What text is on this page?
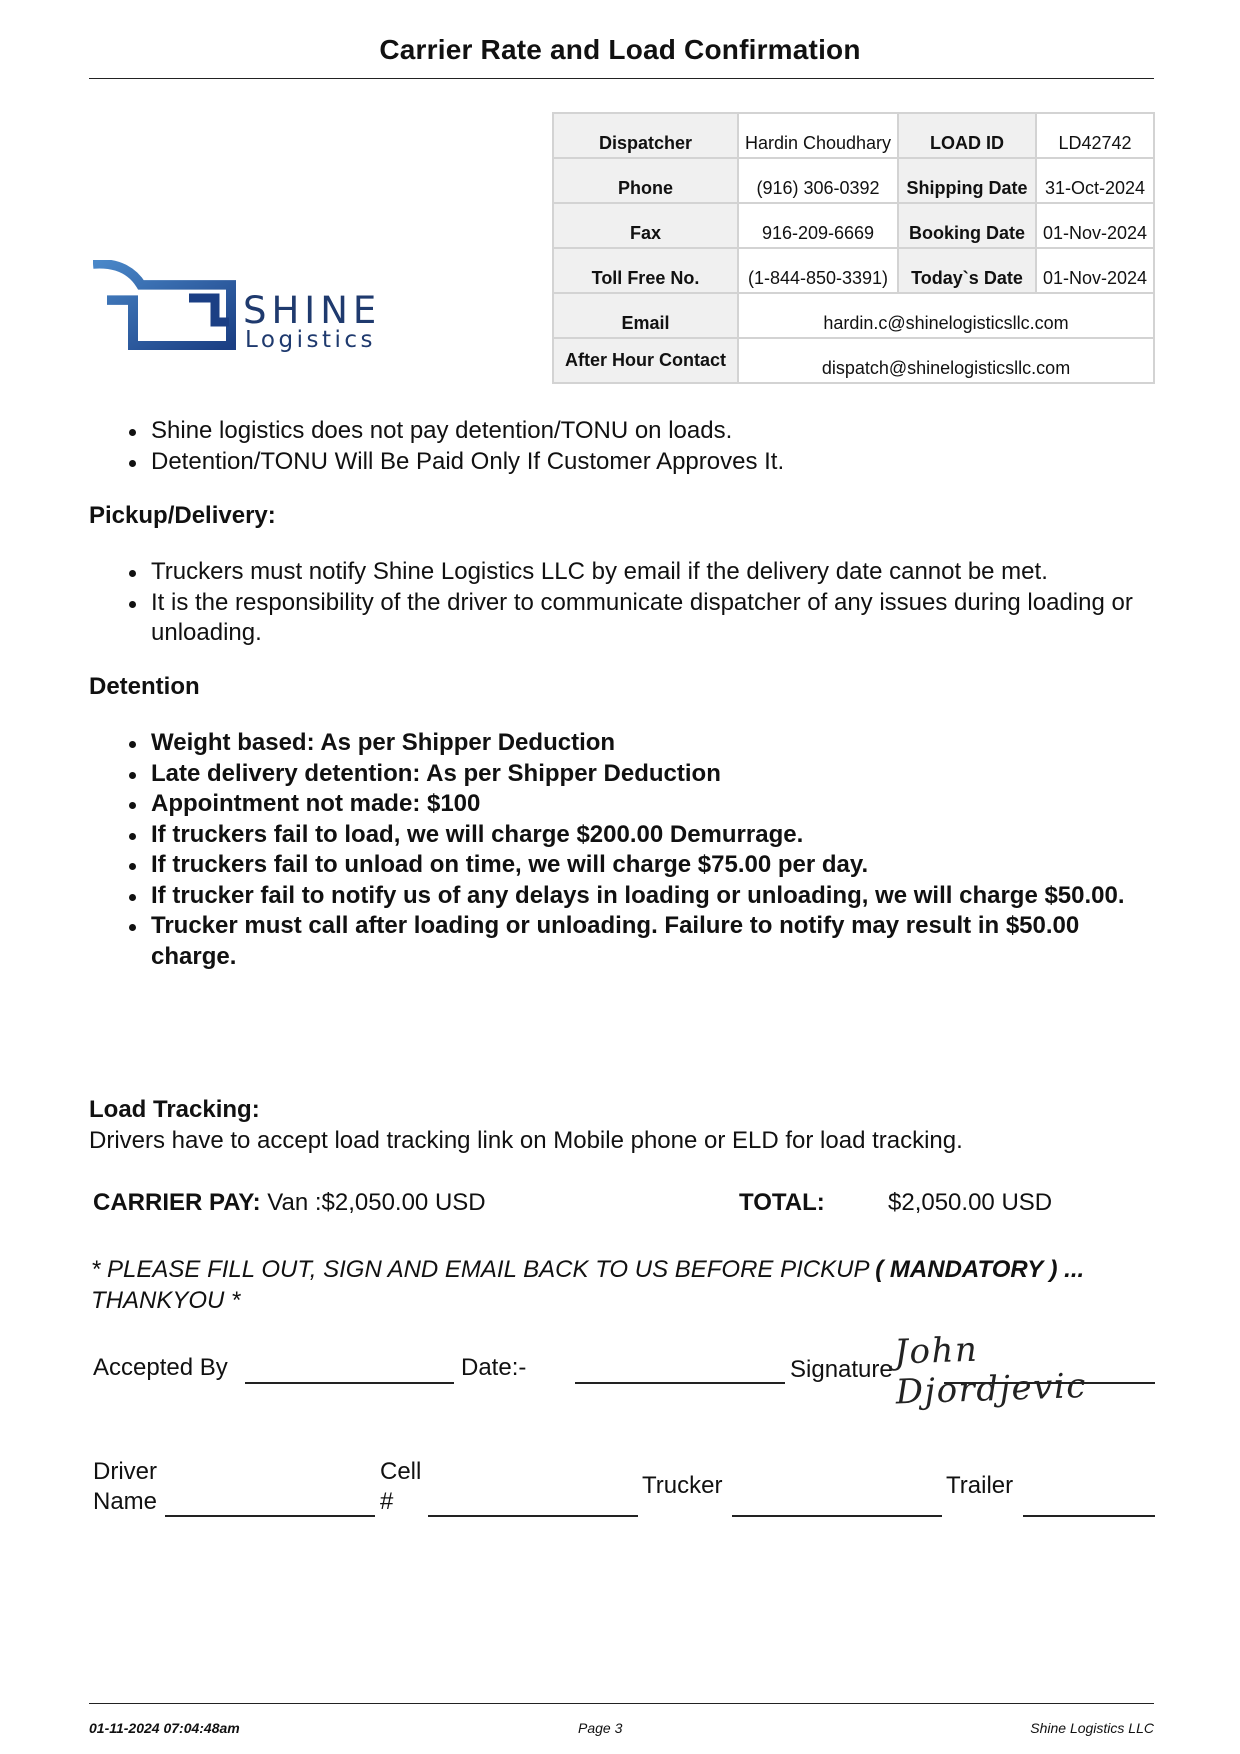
Carrier Rate and Load Confirmation
Dispatcher	Hardin Choudhary	LOAD ID	LD42742
Phone	(916) 306-0392	Shipping Date	31-Oct-2024
Fax	916-209-6669	Booking Date	01-Nov-2024
Toll Free No.	(1-844-850-3391)	Today`s Date	01-Nov-2024
Email	hardin.c@shinelogisticsllc.com		
After Hour Contact	dispatch@shinelogisticsllc.com		
SHINE
Logistics
Shine logistics does not pay detention/TONU on loads.
Detention/TONU Will Be Paid Only If Customer Approves It.
Pickup/Delivery:
Truckers must notify Shine Logistics LLC by email if the delivery date cannot be met.
It is the responsibility of the driver to communicate dispatcher of any issues during loading or unloading.
Detention
Weight based: As per Shipper Deduction
Late delivery detention: As per Shipper Deduction
Appointment not made: $100
If truckers fail to load, we will charge $200.00 Demurrage.
If truckers fail to unload on time, we will charge $75.00 per day.
If trucker fail to notify us of any delays in loading or unloading, we will charge $50.00.
Trucker must call after loading or unloading. Failure to notify may result in $50.00 charge.
Load Tracking:
Drivers have to accept load tracking link on Mobile phone or ELD for load tracking.
CARRIER PAY: Van :$2,050.00 USD	TOTAL:	$2,050.00 USD
* PLEASE FILL OUT, SIGN AND EMAIL BACK TO US BEFORE PICKUP ( MANDATORY ) ...
THANKYOU *
Accepted By	Date:-	Signature John Djordjevic
Driver
Name
Cell
#
Trucker	Trailer
01-11-2024 07:04:48am	Page 3	Shine Logistics LLC
